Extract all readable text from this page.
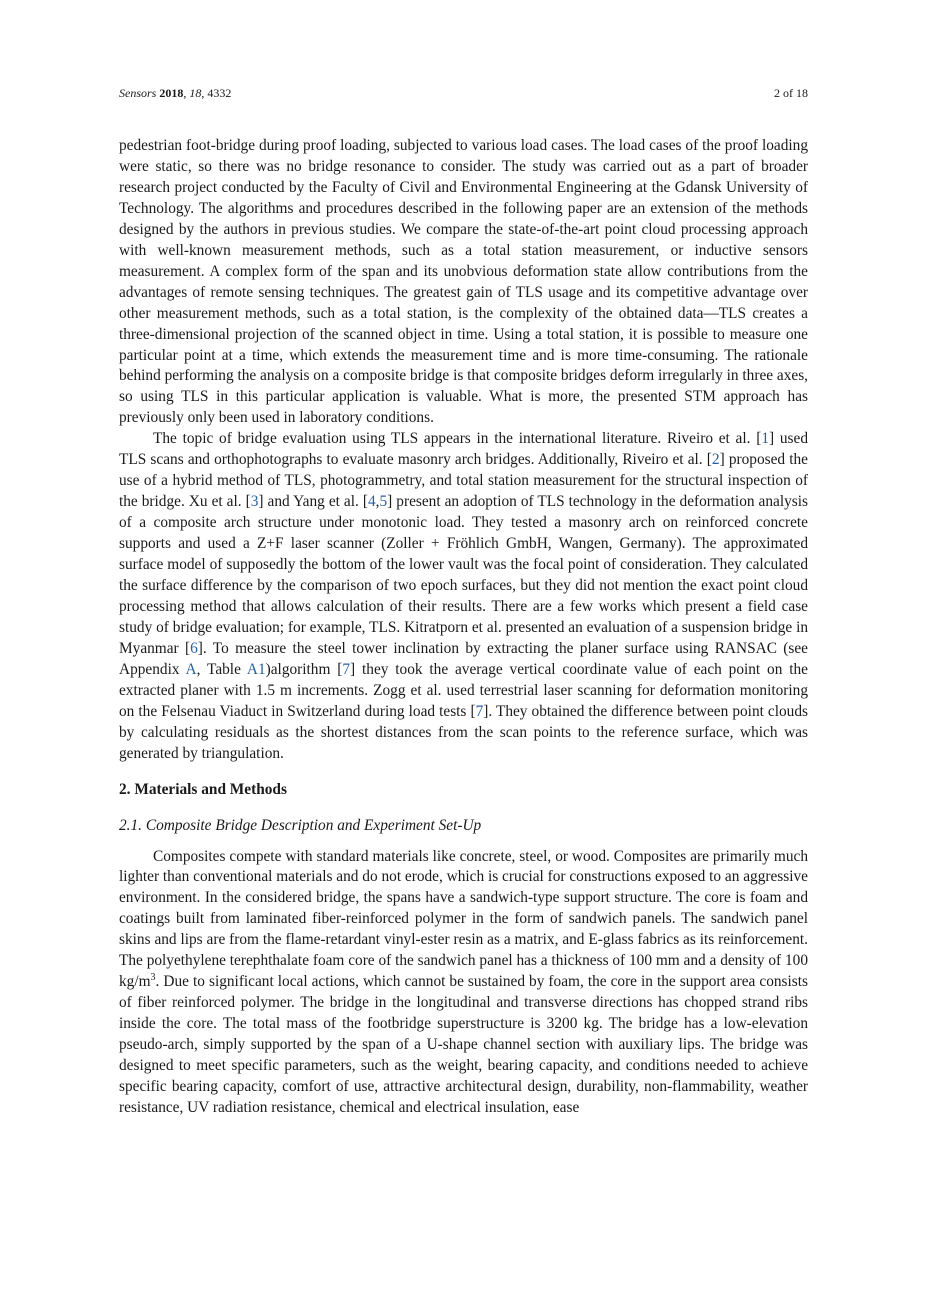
Sensors 2018, 18, 4332	2 of 18

pedestrian foot-bridge during proof loading, subjected to various load cases. The load cases of the proof loading were static, so there was no bridge resonance to consider. The study was carried out as a part of broader research project conducted by the Faculty of Civil and Environmental Engineering at the Gdansk University of Technology. The algorithms and procedures described in the following paper are an extension of the methods designed by the authors in previous studies. We compare the state-of-the-art point cloud processing approach with well-known measurement methods, such as a total station measurement, or inductive sensors measurement. A complex form of the span and its unobvious deformation state allow contributions from the advantages of remote sensing techniques. The greatest gain of TLS usage and its competitive advantage over other measurement methods, such as a total station, is the complexity of the obtained data—TLS creates a three-dimensional projection of the scanned object in time. Using a total station, it is possible to measure one particular point at a time, which extends the measurement time and is more time-consuming. The rationale behind performing the analysis on a composite bridge is that composite bridges deform irregularly in three axes, so using TLS in this particular application is valuable. What is more, the presented STM approach has previously only been used in laboratory conditions.

The topic of bridge evaluation using TLS appears in the international literature. Riveiro et al. [1] used TLS scans and orthophotographs to evaluate masonry arch bridges. Additionally, Riveiro et al. [2] proposed the use of a hybrid method of TLS, photogrammetry, and total station measurement for the structural inspection of the bridge. Xu et al. [3] and Yang et al. [4,5] present an adoption of TLS technology in the deformation analysis of a composite arch structure under monotonic load. They tested a masonry arch on reinforced concrete supports and used a Z+F laser scanner (Zoller + Fröhlich GmbH, Wangen, Germany). The approximated surface model of supposedly the bottom of the lower vault was the focal point of consideration. They calculated the surface difference by the comparison of two epoch surfaces, but they did not mention the exact point cloud processing method that allows calculation of their results. There are a few works which present a field case study of bridge evaluation; for example, TLS. Kitratporn et al. presented an evaluation of a suspension bridge in Myanmar [6]. To measure the steel tower inclination by extracting the planer surface using RANSAC (see Appendix A, Table A1)algorithm [7] they took the average vertical coordinate value of each point on the extracted planer with 1.5 m increments. Zogg et al. used terrestrial laser scanning for deformation monitoring on the Felsenau Viaduct in Switzerland during load tests [7]. They obtained the difference between point clouds by calculating residuals as the shortest distances from the scan points to the reference surface, which was generated by triangulation.

2. Materials and Methods

2.1. Composite Bridge Description and Experiment Set-Up

Composites compete with standard materials like concrete, steel, or wood. Composites are primarily much lighter than conventional materials and do not erode, which is crucial for constructions exposed to an aggressive environment. In the considered bridge, the spans have a sandwich-type support structure. The core is foam and coatings built from laminated fiber-reinforced polymer in the form of sandwich panels. The sandwich panel skins and lips are from the flame-retardant vinyl-ester resin as a matrix, and E-glass fabrics as its reinforcement. The polyethylene terephthalate foam core of the sandwich panel has a thickness of 100 mm and a density of 100 $kg/m^3$. Due to significant local actions, which cannot be sustained by foam, the core in the support area consists of fiber reinforced polymer. The bridge in the longitudinal and transverse directions has chopped strand ribs inside the core. The total mass of the footbridge superstructure is 3200 kg. The bridge has a low-elevation pseudo-arch, simply supported by the span of a U-shape channel section with auxiliary lips. The bridge was designed to meet specific parameters, such as the weight, bearing capacity, and conditions needed to achieve specific bearing capacity, comfort of use, attractive architectural design, durability, non-flammability, weather resistance, UV radiation resistance, chemical and electrical insulation, ease
